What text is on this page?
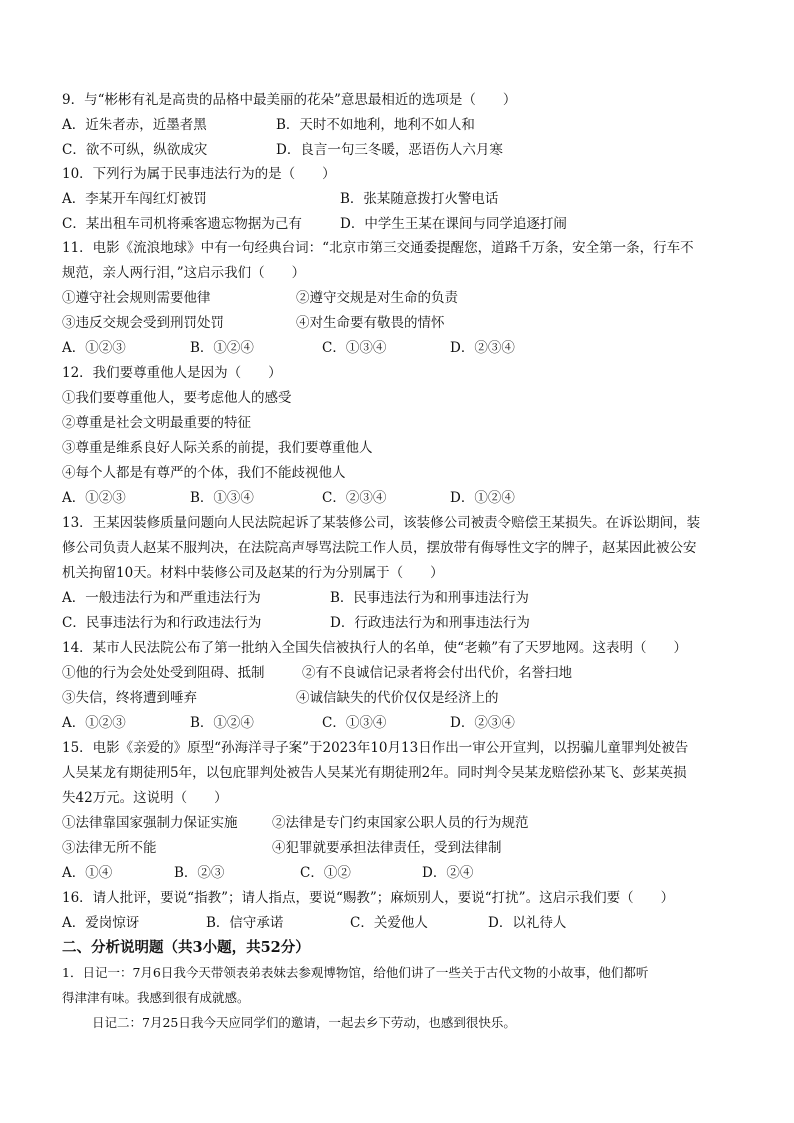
9．与“彬彬有礼是高贵的品格中最美丽的花朵”意思最相近的选项是（　　）
A．近朱者赤，近墨者黑	B．天时不如地利，地利不如人和
C．欲不可纵，纵欲成灾	D．良言一句三冬暖，恶语伤人六月寒
10．下列行为属于民事违法行为的是（　　）
A．李某开车闯红灯被罚	B．张某随意拨打火警电话
C．某出租车司机将乘客遗忘物据为己有	D．中学生王某在课间与同学追逐打闹
11．电影《流浪地球》中有一句经典台词：“北京市第三交通委提醒您，道路千万条，安全第一条，行车不
规范，亲人两行泪，”这启示我们（　　）
①遵守社会规则需要他律	②遵守交规是对生命的负责
③违反交规会受到刑罚处罚	④对生命要有敬畏的情怀
A．①②③	B．①②④	C．①③④	D．②③④
12．我们要尊重他人是因为（　　）
①我们要尊重他人，要考虑他人的感受
②尊重是社会文明最重要的特征
③尊重是维系良好人际关系的前提，我们要尊重他人
④每个人都是有尊严的个体，我们不能歧视他人
A．①②③	B．①③④	C．②③④	D．①②④
13．王某因装修质量问题向人民法院起诉了某装修公司，该装修公司被责令赔偿王某损失。在诉讼期间，装
修公司负责人赵某不服判决，在法院高声辱骂法院工作人员，摆放带有侮辱性文字的牌子，赵某因此被公安
机关拘留10天。材料中装修公司及赵某的行为分别属于（　　）
A．一般违法行为和严重违法行为	B．民事违法行为和刑事违法行为
C．民事违法行为和行政违法行为	D．行政违法行为和刑事违法行为
14．某市人民法院公布了第一批纳入全国失信被执行人的名单，使“老赖”有了天罗地网。这表明（　　）
①他的行为会处处受到阻碍、抵制	②有不良诚信记录者将会付出代价，名誉扫地
③失信，终将遭到唾弃	④诚信缺失的代价仅仅是经济上的
A．①②③	B．①②④	C．①③④	D．②③④
15．电影《亲爱的》原型“孙海洋寻子案”于2023年10月13日作出一审公开宣判，以拐骗儿童罪判处被告
人吴某龙有期徒刑5年，以包庇罪判处被告人吴某光有期徒刑2年。同时判令吴某龙赔偿孙某飞、彭某英损
失42万元。这说明（　　）
①法律靠国家强制力保证实施	②法律是专门约束国家公职人员的行为规范
③法律无所不能	④犯罪就要承担法律责任，受到法律制
A．①④	B．②③	C．①②	D．②④
16．请人批评，要说“指教”；请人指点，要说“赐教”；麻烦别人，要说“打扰”。这启示我们要（　　）
A．爱岗惊讶	B．信守承诺	C．关爱他人	D．以礼待人
二、分析说明题（共3小题，共52分）
1．日记一：7月6日我今天带领表弟表妹去参观博物馆，给他们讲了一些关于古代文物的小故事，他们都听
得津津有味。我感到很有成就感。
日记二：7月25日我今天应同学们的邀请，一起去乡下劳动，也感到很快乐。
